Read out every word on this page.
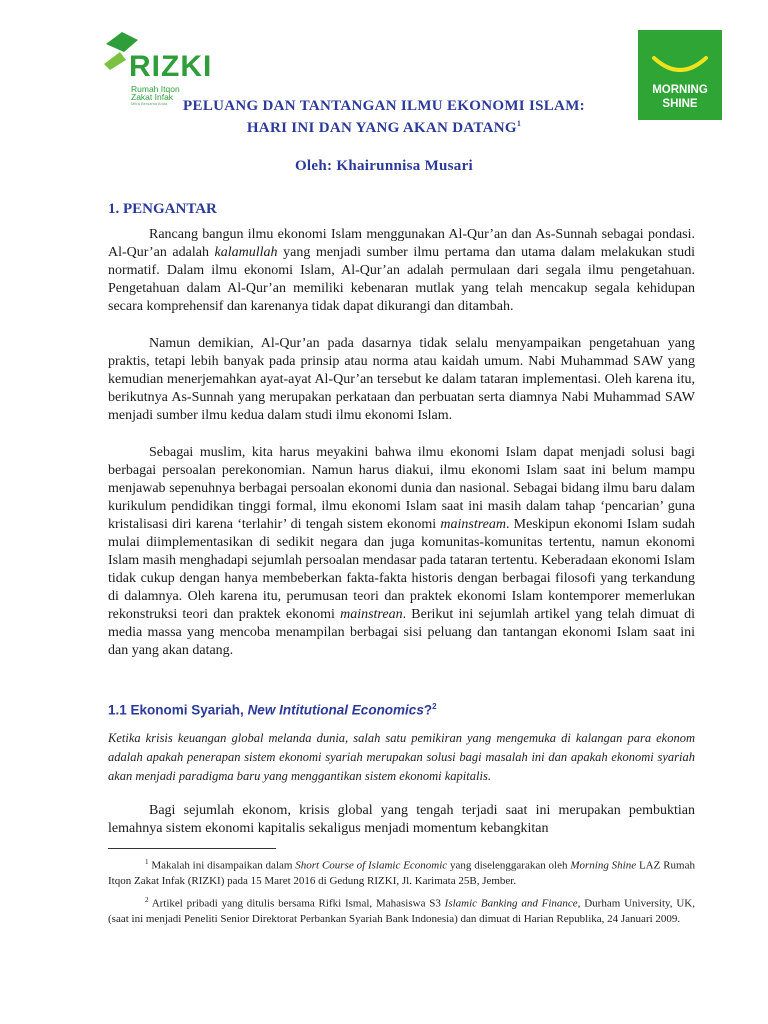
RIZKI
Rumah Itqon
Zakat Infak
Mitra Bersama Anda
MORNING
SHINE
PELUANG DAN TANTANGAN ILMU EKONOMI ISLAM:
HARI INI DAN YANG AKAN DATANG$^1$
Oleh: Khairunnisa Musari
1. PENGANTAR

Rancang bangun ilmu ekonomi Islam menggunakan Al-Qur’an dan As-Sunnah sebagai pondasi. Al-Qur’an adalah kalamullah yang menjadi sumber ilmu pertama dan utama dalam melakukan studi normatif. Dalam ilmu ekonomi Islam, Al-Qur’an adalah permulaan dari segala ilmu pengetahuan. Pengetahuan dalam Al-Qur’an memiliki kebenaran mutlak yang telah mencakup segala kehidupan secara komprehensif dan karenanya tidak dapat dikurangi dan ditambah.

Namun demikian, Al-Qur’an pada dasarnya tidak selalu menyampaikan pengetahuan yang praktis, tetapi lebih banyak pada prinsip atau norma atau kaidah umum. Nabi Muhammad SAW yang kemudian menerjemahkan ayat-ayat Al-Qur’an tersebut ke dalam tataran implementasi. Oleh karena itu, berikutnya As-Sunnah yang merupakan perkataan dan perbuatan serta diamnya Nabi Muhammad SAW menjadi sumber ilmu kedua dalam studi ilmu ekonomi Islam.

Sebagai muslim, kita harus meyakini bahwa ilmu ekonomi Islam dapat menjadi solusi bagi berbagai persoalan perekonomian. Namun harus diakui, ilmu ekonomi Islam saat ini belum mampu menjawab sepenuhnya berbagai persoalan ekonomi dunia dan nasional. Sebagai bidang ilmu baru dalam kurikulum pendidikan tinggi formal, ilmu ekonomi Islam saat ini masih dalam tahap ‘pencarian’ guna kristalisasi diri karena ‘terlahir’ di tengah sistem ekonomi mainstream. Meskipun ekonomi Islam sudah mulai diimplementasikan di sedikit negara dan juga komunitas-komunitas tertentu, namun ekonomi Islam masih menghadapi sejumlah persoalan mendasar pada tataran tertentu. Keberadaan ekonomi Islam tidak cukup dengan hanya membeberkan fakta-fakta historis dengan berbagai filosofi yang terkandung di dalamnya. Oleh karena itu, perumusan teori dan praktek ekonomi Islam kontemporer memerlukan rekonstruksi teori dan praktek ekonomi mainstrean. Berikut ini sejumlah artikel yang telah dimuat di media massa yang mencoba menampilan berbagai sisi peluang dan tantangan ekonomi Islam saat ini dan yang akan datang.

1.1 Ekonomi Syariah, New Intitutional Economics?$^2$

Ketika krisis keuangan global melanda dunia, salah satu pemikiran yang mengemuka di kalangan para ekonom adalah apakah penerapan sistem ekonomi syariah merupakan solusi bagi masalah ini dan apakah ekonomi syariah akan menjadi paradigma baru yang menggantikan sistem ekonomi kapitalis.

Bagi sejumlah ekonom, krisis global yang tengah terjadi saat ini merupakan pembuktian lemahnya sistem ekonomi kapitalis sekaligus menjadi momentum kebangkitan

$^1$ Makalah ini disampaikan dalam Short Course of Islamic Economic yang diselenggarakan oleh Morning Shine LAZ Rumah Itqon Zakat Infak (RIZKI) pada 15 Maret 2016 di Gedung RIZKI, Jl. Karimata 25B, Jember.

$^2$ Artikel pribadi yang ditulis bersama Rifki Ismal, Mahasiswa S3 Islamic Banking and Finance, Durham University, UK, (saat ini menjadi Peneliti Senior Direktorat Perbankan Syariah Bank Indonesia) dan dimuat di Harian Republika, 24 Januari 2009.
